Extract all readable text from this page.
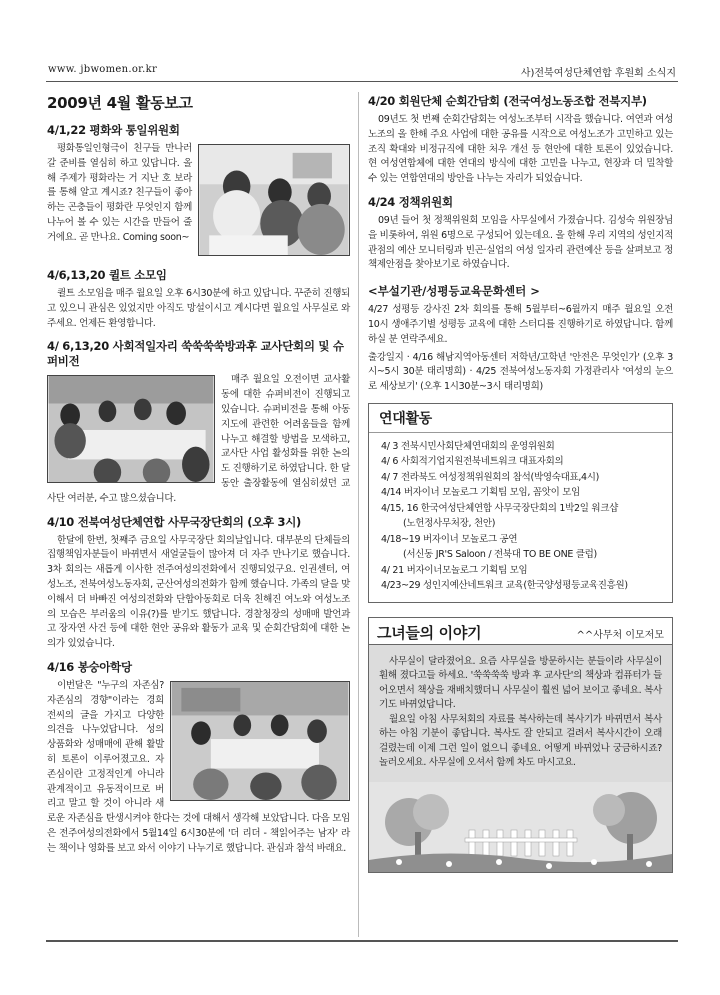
www. jbwomen.or.kr	사)전북여성단체연합 후원회 소식지
2009년 4월 활동보고
4/1,22 평화와 통일위원회

평화통일인형극이 친구들 만나러 갈 준비를 열심히 하고 있답니다. 올해 주제가 평화라는 거 지난 호 보라를 통해 알고 계시죠? 친구들이 좋아하는 곤충들이 평화란 무엇인지 함께 나누어 볼 수 있는 시간을 만들어 줄 거에요. 곧 만나요. Coming soon~

4/6,13,20 퀼트 소모임

퀼트 소모임을 매주 월요일 오후 6시30분에 하고 있답니다. 꾸준히 진행되고 있으니 관심은 있었지만 아직도 망설이시고 계시다면 월요일 사무실로 와주세요. 언제든 환영합니다.

4/ 6,13,20 사회적일자리 쑥쑥쑥쑥방과후 교사단회의 및 슈퍼비전

매주 월요일 오전이면 교사활동에 대한 슈퍼비전이 진행되고 있습니다. 슈퍼비전을 통해 아동지도에 관련한 어려움들을 함께 나누고 해결할 방법을 모색하고, 교사단 사업 활성화를 위한 논의도 진행하기로 하였답니다. 한 달 동안 출장활동에 열심히셨던 교사단 여러분, 수고 많으셨습니다.

4/10 전북여성단체연합 사무국장단회의 (오후 3시)

한달에 한번, 첫째주 금요일 사무국장단 회의날입니다. 대부분의 단체들의 집행책임자분들이 바뀌면서 새얼굴들이 많아져 더 자주 만나기로 했습니다. 3차 회의는 새롭게 이사한 전주여성의전화에서 진행되었구요. 인권센터, 여성노조, 전북여성노동자회, 군산여성의전화가 함께 했습니다. 가족의 달을 맞이해서 더 바빠진 여성의전화와 단합아동회로 더욱 친해진 여노와 여성노조의 모습은 부러움의 이유(?)를 받기도 했답니다. 경찰청장의 성매매 발언과 고 장자연 사건 등에 대한 현안 공유와 활동가 교육 및 순회간담회에 대한 논의가 있었습니다.

4/16 봉숭아학당

이번달은 "누구의 자존심? 자존심의 경향"이라는 경희 전씨의 글을 가지고 다양한 의견을 나누었답니다. 성의 상품화와 성매매에 관해 활발히 토론이 이루어졌고요. 자존심이란 고정적인게 아니라 관계적이고 유동적이므로 버리고 말고 할 것이 아니라 새로운 자존심을 탄생시켜야 한다는 것에 대해서 생각해 보았답니다. 다음 모임은 전주여성의전화에서 5월14일 6시30분에 '더 리더 - 책읽어주는 남자' 라는 책이나 영화를 보고 와서 이야기 나누기로 했답니다. 관심과 참석 바래요.

4/20 회원단체 순회간담회 (전국여성노동조합 전북지부)

09년도 첫 번째 순회간담회는 여성노조부터 시작을 했습니다. 여연과 여성노조의 올 한해 주요 사업에 대한 공유를 시작으로 여성노조가 고민하고 있는 조직 확대와 비정규직에 대한 처우 개선 등 현안에 대한 토론이 있었습니다. 현 여성연합체에 대한 연대의 방식에 대한 고민을 나누고, 현장과 더 밀착할 수 있는 연합연대의 방안을 나누는 자리가 되었습니다.

4/24 정책위원회

09년 들어 첫 정책위원회 모임을 사무실에서 가졌습니다. 김성숙 위원장님을 비롯하여, 위원 6명으로 구성되어 있는데요. 올 한해 우리 지역의 성인지적 관점의 예산 모니터링과 빈곤·실업의 여성 일자리 관련예산 등을 살펴보고 정책제안점을 찾아보기로 하였습니다.

<부설기관/성평등교육문화센터 >

4/27 성평등 강사진 2차 회의를 통해 5월부터~6월까지 매주 월요일 오전 10시 생애주기별 성평등 교육에 대한 스터디를 진행하기로 하였답니다. 함께 하실 분 연락주세요.

출강일지 · 4/16 해남지역아동센터 저학년/고학년 '안전은 무엇인가' (오후 3시~5시 30분 태리명희) · 4/25 전북여성노동자회 가정관리사 '여성의 눈으로 세상보기' (오후 1시30분~3시 태리명희)

연대활동
4/ 3 전북시민사회단체연대회의 운영위원회
4/ 6 사회적기업지원전북네트워크 대표자회의
4/ 7 전라북도 여성정책위원회의 참석(박영숙대표,4시)
4/14 버자이너 모놀로그 기획팀 모임, 꼼앗이 모임
4/15, 16 한국여성단체연합 사무국장단회의 1박2일 워크샵
(노헌정사무처장, 천안)
4/18~19 버자이너 모놀로그 공연
(서신동 JR'S Saloon / 전북대 TO BE ONE 클럽)
4/ 21 버자이너모놀로그 기획팀 모임
4/23~29 성인지예산네트워크 교육(한국양성평등교육진흥원)
그녀들의 이야기	^^사무처 이모저모

사무실이 달라졌어요. 요즘 사무실을 방문하시는 분들이라 사무실이 훤해 졌다고들 하세요. '쑥쑥쑥쑥 방과 후 교사단'의 책상과 컴퓨터가 들어오면서 책상을 재배치했더니 사무실이 훨씬 넓어 보이고 좋네요. 복사기도 바뀌었답니다.

월요일 아침 사무처회의 자료를 복사하는데 복사기가 바뀌면서 복사하는 아침 기분이 좋답니다. 복사도 잘 안되고 걸려서 복사시간이 오래 걸렸는데 이제 그런 일이 없으니 좋네요. 어떻게 바뀌었나 궁금하시죠? 놀러오세요. 사무실에 오셔서 함께 차도 마시고요.
